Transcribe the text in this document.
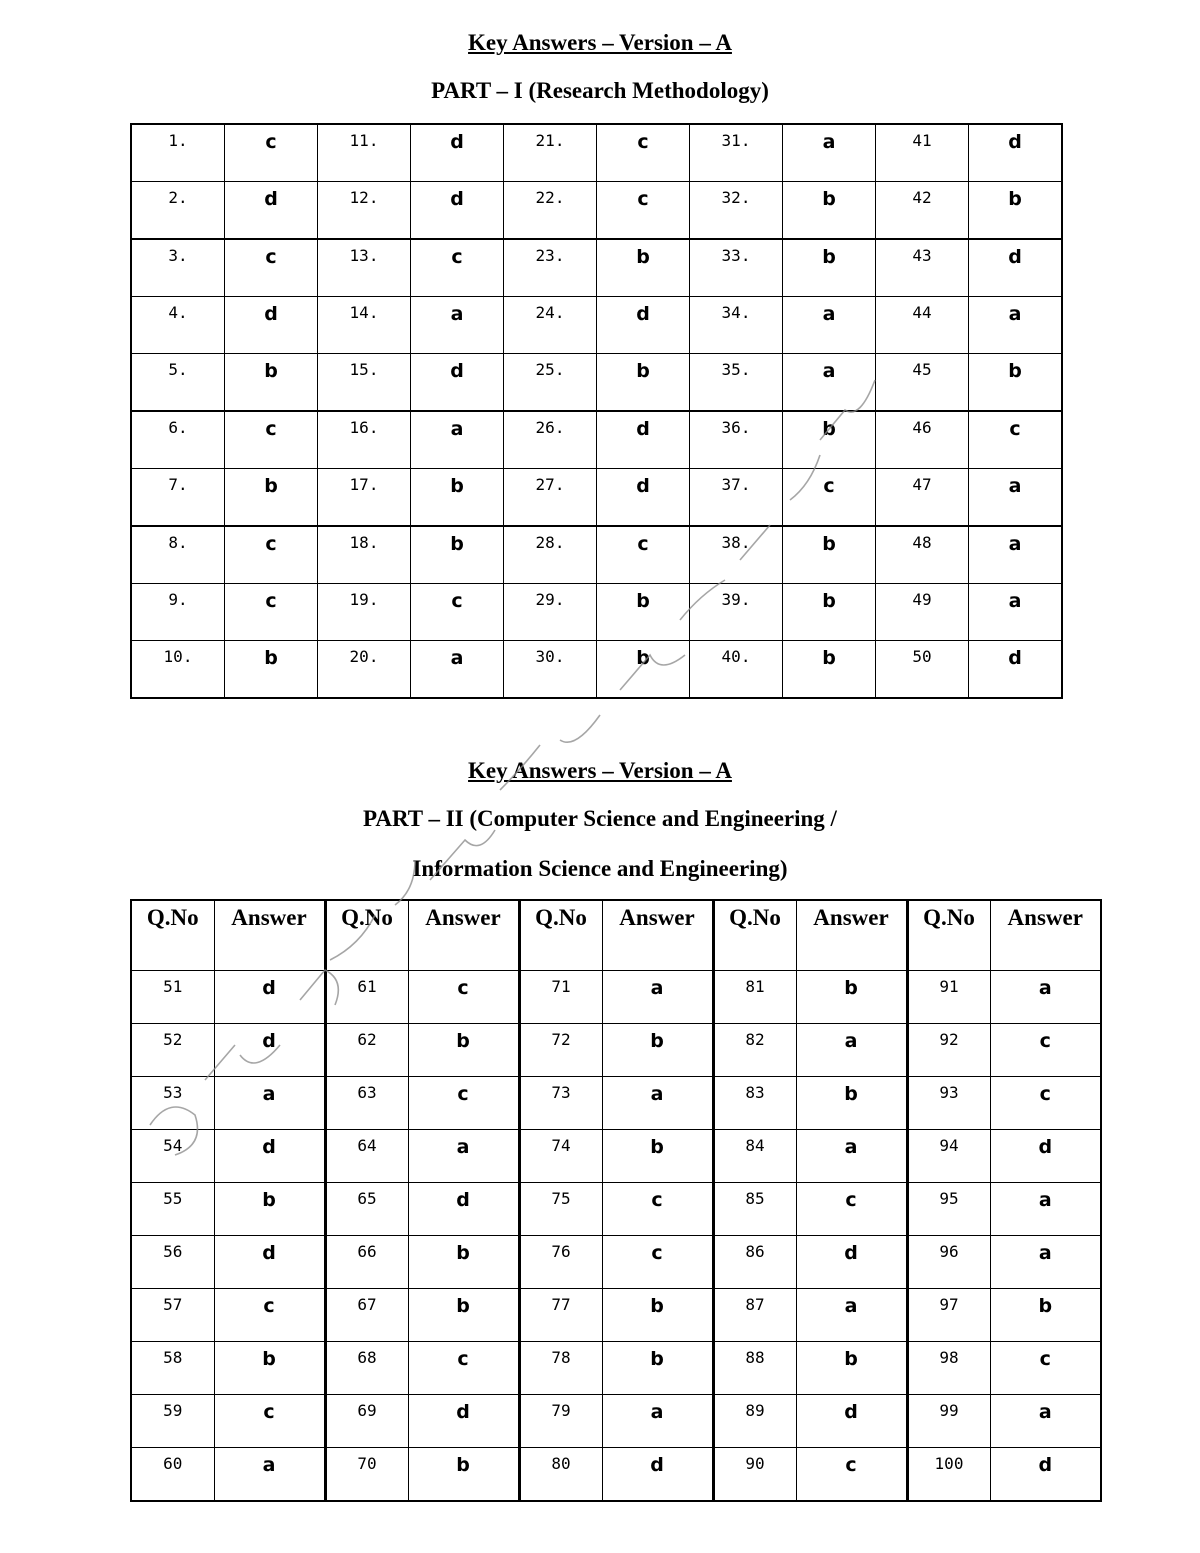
Key Answers – Version – A
PART – I (Research Methodology)
1.	c	11.	d	21.	c	31.	a	41	d
2.	d	12.	d	22.	c	32.	b	42	b
3.	c	13.	c	23.	b	33.	b	43	d
4.	d	14.	a	24.	d	34.	a	44	a
5.	b	15.	d	25.	b	35.	a	45	b
6.	c	16.	a	26.	d	36.	b	46	c
7.	b	17.	b	27.	d	37.	c	47	a
8.	c	18.	b	28.	c	38.	b	48	a
9.	c	19.	c	29.	b	39.	b	49	a
10.	b	20.	a	30.	b	40.	b	50	d
Key Answers – Version – A
PART – II (Computer Science and Engineering /
Information Science and Engineering)
Q.No	Answer	Q.No	Answer	Q.No	Answer	Q.No	Answer	Q.No	Answer
51	d	61	c	71	a	81	b	91	a
52	d	62	b	72	b	82	a	92	c
53	a	63	c	73	a	83	b	93	c
54	d	64	a	74	b	84	a	94	d
55	b	65	d	75	c	85	c	95	a
56	d	66	b	76	c	86	d	96	a
57	c	67	b	77	b	87	a	97	b
58	b	68	c	78	b	88	b	98	c
59	c	69	d	79	a	89	d	99	a
60	a	70	b	80	d	90	c	100	d
